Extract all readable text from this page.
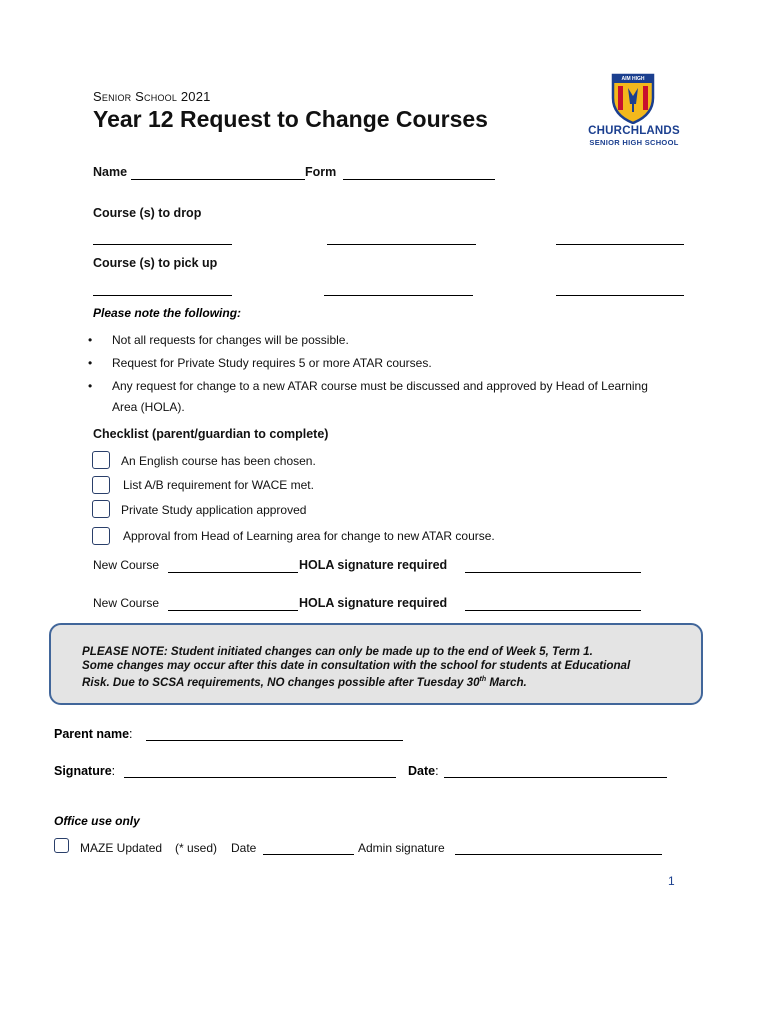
Senior School 2021
Year 12 Request to Change Courses
AIM HIGH
CHURCHLANDS
SENIOR HIGH SCHOOL
Name	Form
Course (s) to drop
Course (s) to pick up
Please note the following:
• Not all requests for changes will be possible.
• Request for Private Study requires 5 or more ATAR courses.
• Any request for change to a new ATAR course must be discussed and approved by Head of Learning Area (HOLA).
Checklist (parent/guardian to complete)
An English course has been chosen.
List A/B requirement for WACE met.
Private Study application approved
Approval from Head of Learning area for change to new ATAR course.
New Course	HOLA signature required
New Course	HOLA signature required
PLEASE NOTE: Student initiated changes can only be made up to the end of Week 5, Term 1.
Some changes may occur after this date in consultation with the school for students at Educational
Risk. Due to SCSA requirements, NO changes possible after Tuesday 30th March.
Parent name:
Signature:	Date:
Office use only
MAZE Updated (* used) Date	Admin signature
1
